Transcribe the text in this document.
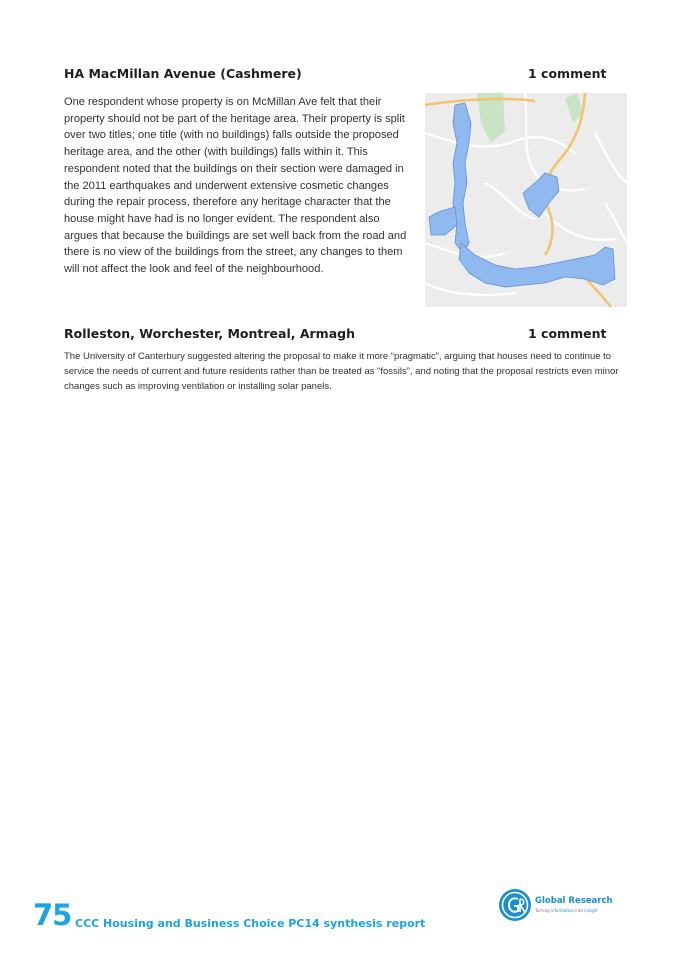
HA MacMillan Avenue (Cashmere)	1 comment

One respondent whose property is on McMillan Ave felt that their property should not be part of the heritage area. Their property is split over two titles; one title (with no buildings) falls outside the proposed heritage area, and the other (with buildings) falls within it. This respondent noted that the buildings on their section were damaged in the 2011 earthquakes and underwent extensive cosmetic changes during the repair process, therefore any heritage character that the house might have had is no longer evident. The respondent also argues that because the buildings are set well back from the road and there is no view of the buildings from the street, any changes to them will not affect the look and feel of the neighbourhood.

Rolleston, Worchester, Montreal, Armagh	1 comment

The University of Canterbury suggested altering the proposal to make it more “pragmatic”, arguing that houses need to continue to service the needs of current and future residents rather than be treated as “fossils”, and noting that the proposal restricts even minor changes such as improving ventilation or installing solar panels.

Global Research
Turning information into insight
75 CCC Housing and Business Choice PC14 synthesis report
